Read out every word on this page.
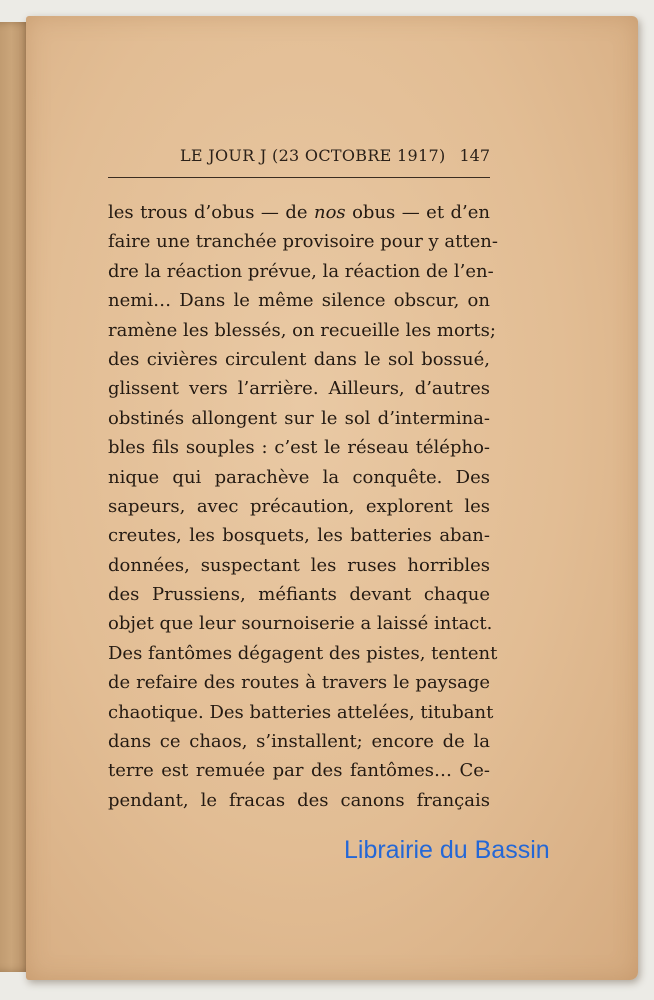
LE JOUR J (23 OCTOBRE 1917) 147
les trous d’obus — de nos obus — et d’en
faire une tranchée provisoire pour y atten-
dre la réaction prévue, la réaction de l’en-
nemi… Dans le même silence obscur, on
ramène les blessés, on recueille les morts;
des civières circulent dans le sol bossué,
glissent vers l’arrière. Ailleurs, d’autres
obstinés allongent sur le sol d’intermina-
bles fils souples : c’est le réseau télépho-
nique qui parachève la conquête. Des
sapeurs, avec précaution, explorent les
creutes, les bosquets, les batteries aban-
données, suspectant les ruses horribles
des Prussiens, méfiants devant chaque
objet que leur sournoiserie a laissé intact.
Des fantômes dégagent des pistes, tentent
de refaire des routes à travers le paysage
chaotique. Des batteries attelées, titubant
dans ce chaos, s’installent; encore de la
terre est remuée par des fantômes… Ce-
pendant, le fracas des canons français
Librairie du Bassin
